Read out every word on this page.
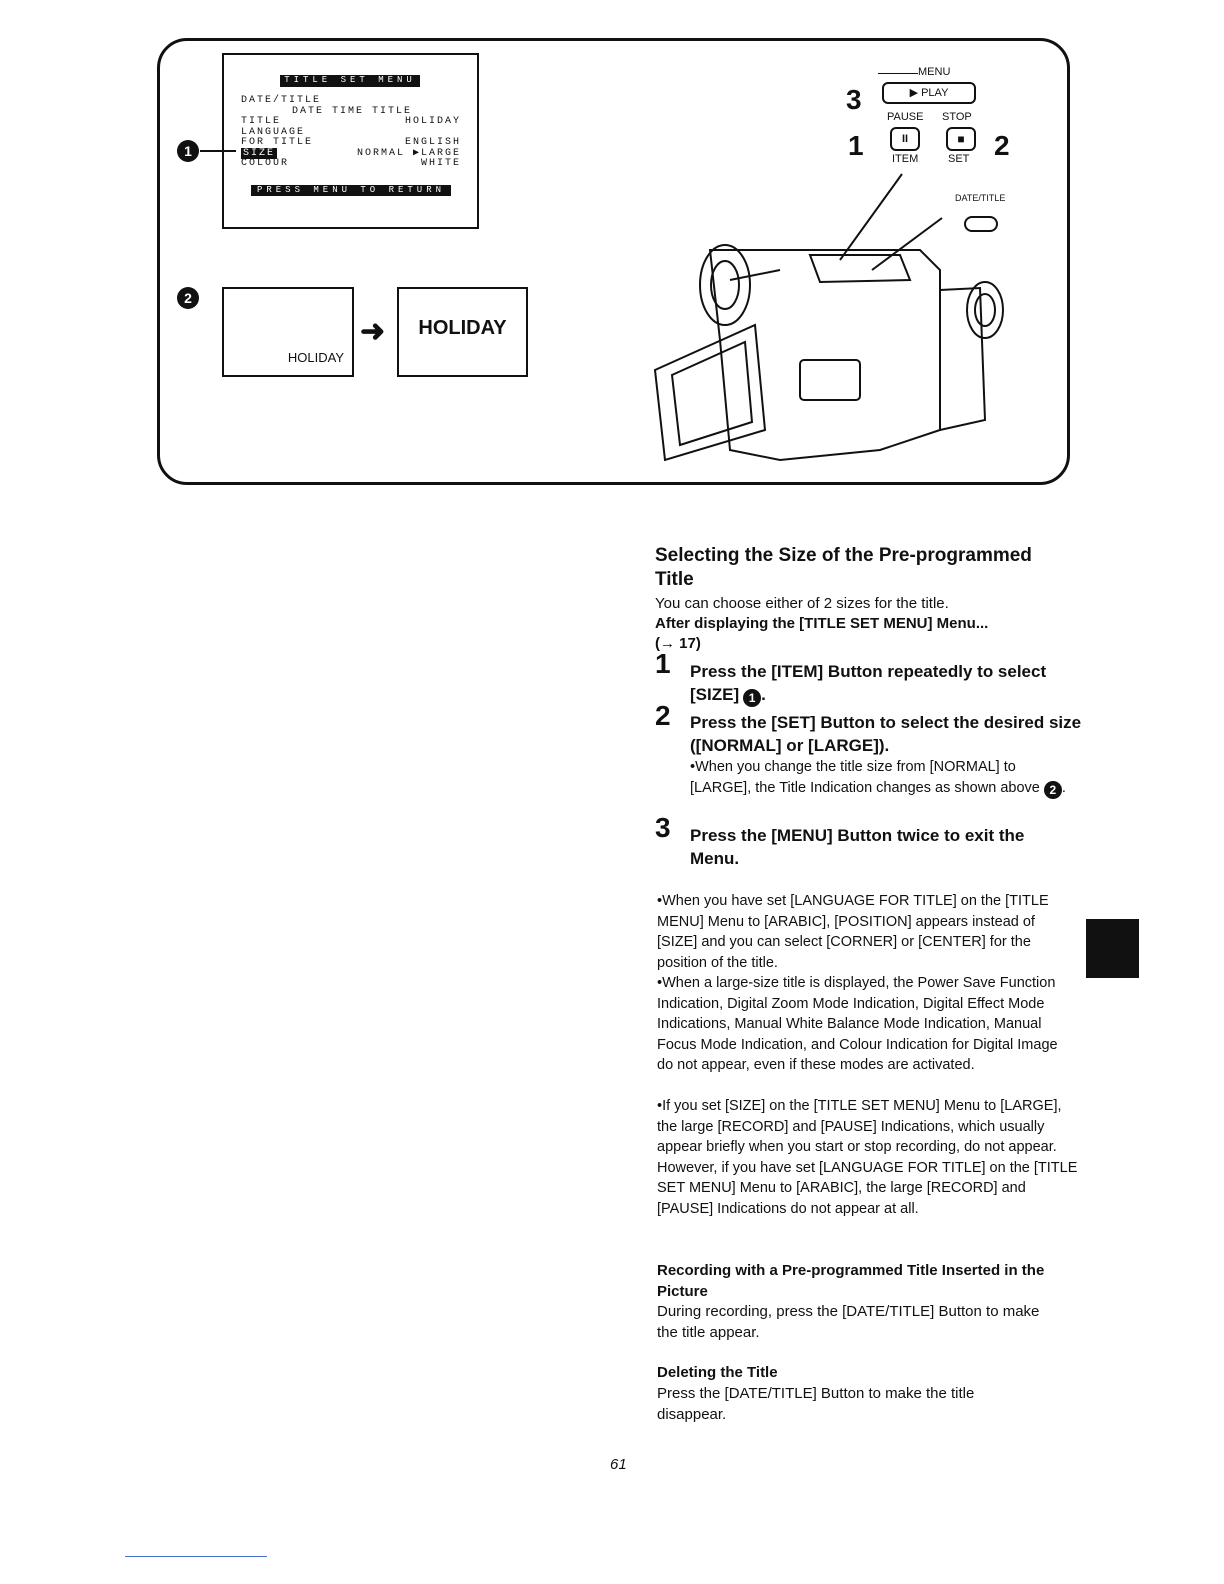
TITLE SET MENU
DATE/TITLE
DATE TIME TITLE
TITLE	HOLIDAY
LANGUAGE
FOR TITLE	ENGLISH
SIZE	NORMAL ▶LARGE
COLOUR	WHITE
PRESS MENU TO RETURN
1
2
HOLIDAY
➜	HOLIDAY
3
MENU
▶ PLAY
PAUSE STOP
1	II	■	2
ITEM	SET
DATE/TITLE
Selecting the Size of the Pre-programmed Title
You can choose either of 2 sizes for the title.
After displaying the [TITLE SET MENU] Menu...
(→ 17)
1 Press the [ITEM] Button repeatedly to select [SIZE] 1 .
2 Press the [SET] Button to select the desired size ([NORMAL] or [LARGE]).
•When you change the title size from [NORMAL] to [LARGE], the Title Indication changes as shown above 2 .
3 Press the [MENU] Button twice to exit the Menu.
•When you have set [LANGUAGE FOR TITLE] on the [TITLE MENU] Menu to [ARABIC], [POSITION] appears instead of [SIZE] and you can select [CORNER] or [CENTER] for the position of the title.
•When a large-size title is displayed, the Power Save Function Indication, Digital Zoom Mode Indication, Digital Effect Mode Indications, Manual White Balance Mode Indication, Manual Focus Mode Indication, and Colour Indication for Digital Image do not appear, even if these modes are activated.
•If you set [SIZE] on the [TITLE SET MENU] Menu to [LARGE], the large [RECORD] and [PAUSE] Indications, which usually appear briefly when you start or stop recording, do not appear. However, if you have set [LANGUAGE FOR TITLE] on the [TITLE SET MENU] Menu to [ARABIC], the large [RECORD] and [PAUSE] Indications do not appear at all.
Recording with a Pre-programmed Title Inserted in the Picture
During recording, press the [DATE/TITLE] Button to make the title appear.
Deleting the Title
Press the [DATE/TITLE] Button to make the title disappear.
61
